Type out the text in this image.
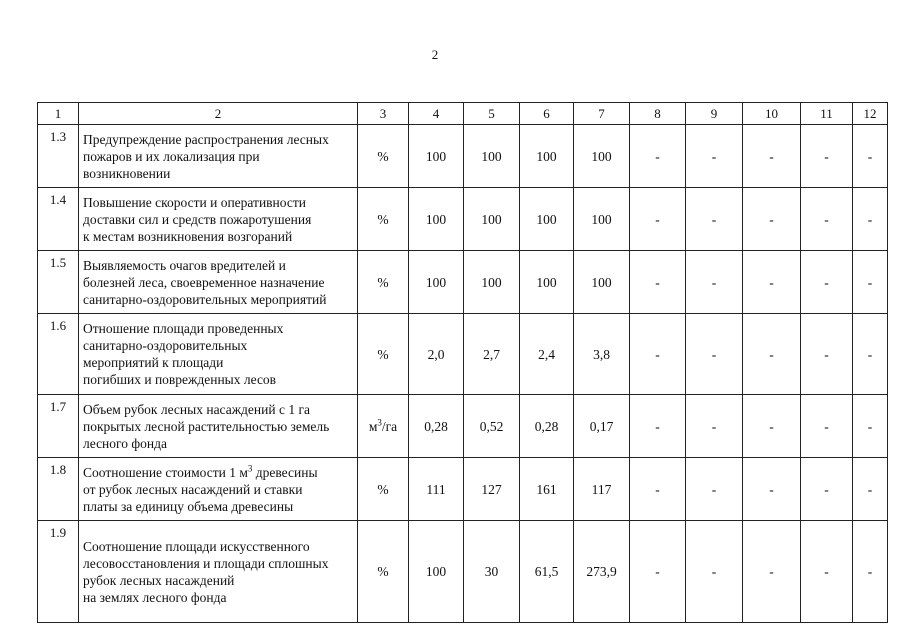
2
1	2	3	4	5	6	7	8	9	10	11	12
1.3	Предупреждение распространения лесных
пожаров и их локализация при
возникновении	%	100	100	100	100	-	-	-	-	-
1.4	Повышение скорости и оперативности
доставки сил и средств пожаротушения
к местам возникновения возгораний	%	100	100	100	100	-	-	-	-	-
1.5	Выявляемость очагов вредителей и
болезней леса, своевременное назначение
санитарно-оздоровительных мероприятий	%	100	100	100	100	-	-	-	-	-
1.6	Отношение площади проведенных
санитарно-оздоровительных
мероприятий к площади
погибших и поврежденных лесов	%	2,0	2,7	2,4	3,8	-	-	-	-	-
1.7	Объем рубок лесных насаждений с 1 га
покрытых лесной растительностью земель
лесного фонда	$м^3/га$	0,28	0,52	0,28	0,17	-	-	-	-	-
1.8	Соотношение стоимости 1 $м^3$ древесины
от рубок лесных насаждений и ставки
платы за единицу объема древесины	%	111	127	161	117	-	-	-	-	-
1.9	Соотношение площади искусственного
лесовосстановления и площади сплошных
рубок лесных насаждений
на землях лесного фонда	%	100	30	61,5	273,9	-	-	-	-	-
